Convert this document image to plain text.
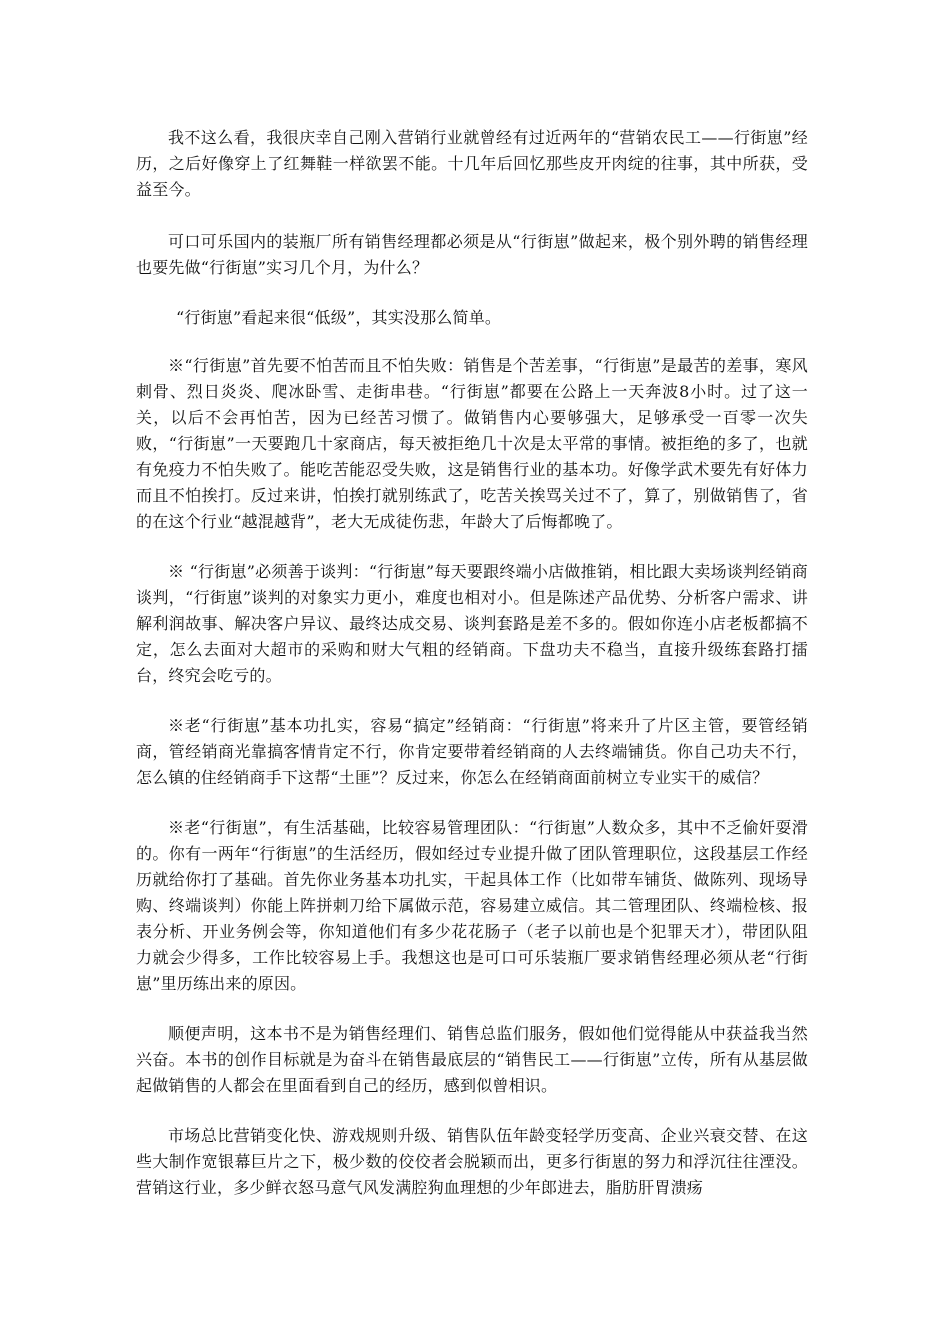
我不这么看，我很庆幸自己刚入营销行业就曾经有过近两年的“营销农民工——行街崽”经历，之后好像穿上了红舞鞋一样欲罢不能。十几年后回忆那些皮开肉绽的往事，其中所获，受益至今。

可口可乐国内的装瓶厂所有销售经理都必须是从“行街崽”做起来，极个别外聘的销售经理也要先做“行街崽”实习几个月，为什么？

“行街崽”看起来很“低级”，其实没那么简单。

※“行街崽”首先要不怕苦而且不怕失败：销售是个苦差事，“行街崽”是最苦的差事，寒风刺骨、烈日炎炎、爬冰卧雪、走街串巷。“行街崽”都要在公路上一天奔波8小时。过了这一关，以后不会再怕苦，因为已经苦习惯了。做销售内心要够强大，足够承受一百零一次失败，“行街崽”一天要跑几十家商店，每天被拒绝几十次是太平常的事情。被拒绝的多了，也就有免疫力不怕失败了。能吃苦能忍受失败，这是销售行业的基本功。好像学武术要先有好体力而且不怕挨打。反过来讲，怕挨打就别练武了，吃苦关挨骂关过不了，算了，别做销售了，省的在这个行业“越混越背”，老大无成徒伤悲，年龄大了后悔都晚了。

※ “行街崽”必须善于谈判：“行街崽”每天要跟终端小店做推销，相比跟大卖场谈判经销商谈判，“行街崽”谈判的对象实力更小，难度也相对小。但是陈述产品优势、分析客户需求、讲解利润故事、解决客户异议、最终达成交易、谈判套路是差不多的。假如你连小店老板都搞不定，怎么去面对大超市的采购和财大气粗的经销商。下盘功夫不稳当，直接升级练套路打擂台，终究会吃亏的。

※老“行街崽”基本功扎实，容易“搞定”经销商：“行街崽”将来升了片区主管，要管经销商，管经销商光靠搞客情肯定不行，你肯定要带着经销商的人去终端铺货。你自己功夫不行，怎么镇的住经销商手下这帮“土匪”？反过来，你怎么在经销商面前树立专业实干的威信？

※老“行街崽”，有生活基础，比较容易管理团队：“行街崽”人数众多，其中不乏偷奸耍滑的。你有一两年“行街崽”的生活经历，假如经过专业提升做了团队管理职位，这段基层工作经历就给你打了基础。首先你业务基本功扎实，干起具体工作（比如带车铺货、做陈列、现场导购、终端谈判）你能上阵拼刺刀给下属做示范，容易建立威信。其二管理团队、终端检核、报表分析、开业务例会等，你知道他们有多少花花肠子（老子以前也是个犯罪天才），带团队阻力就会少得多，工作比较容易上手。我想这也是可口可乐装瓶厂要求销售经理必须从老“行街崽”里历练出来的原因。

顺便声明，这本书不是为销售经理们、销售总监们服务，假如他们觉得能从中获益我当然兴奋。本书的创作目标就是为奋斗在销售最底层的“销售民工——行街崽”立传，所有从基层做起做销售的人都会在里面看到自己的经历，感到似曾相识。

市场总比营销变化快、游戏规则升级、销售队伍年龄变轻学历变高、企业兴衰交替、在这些大制作宽银幕巨片之下，极少数的佼佼者会脱颖而出，更多行街崽的努力和浮沉往往湮没。营销这行业，多少鲜衣怒马意气风发满腔狗血理想的少年郎进去，脂肪肝胃溃疡
